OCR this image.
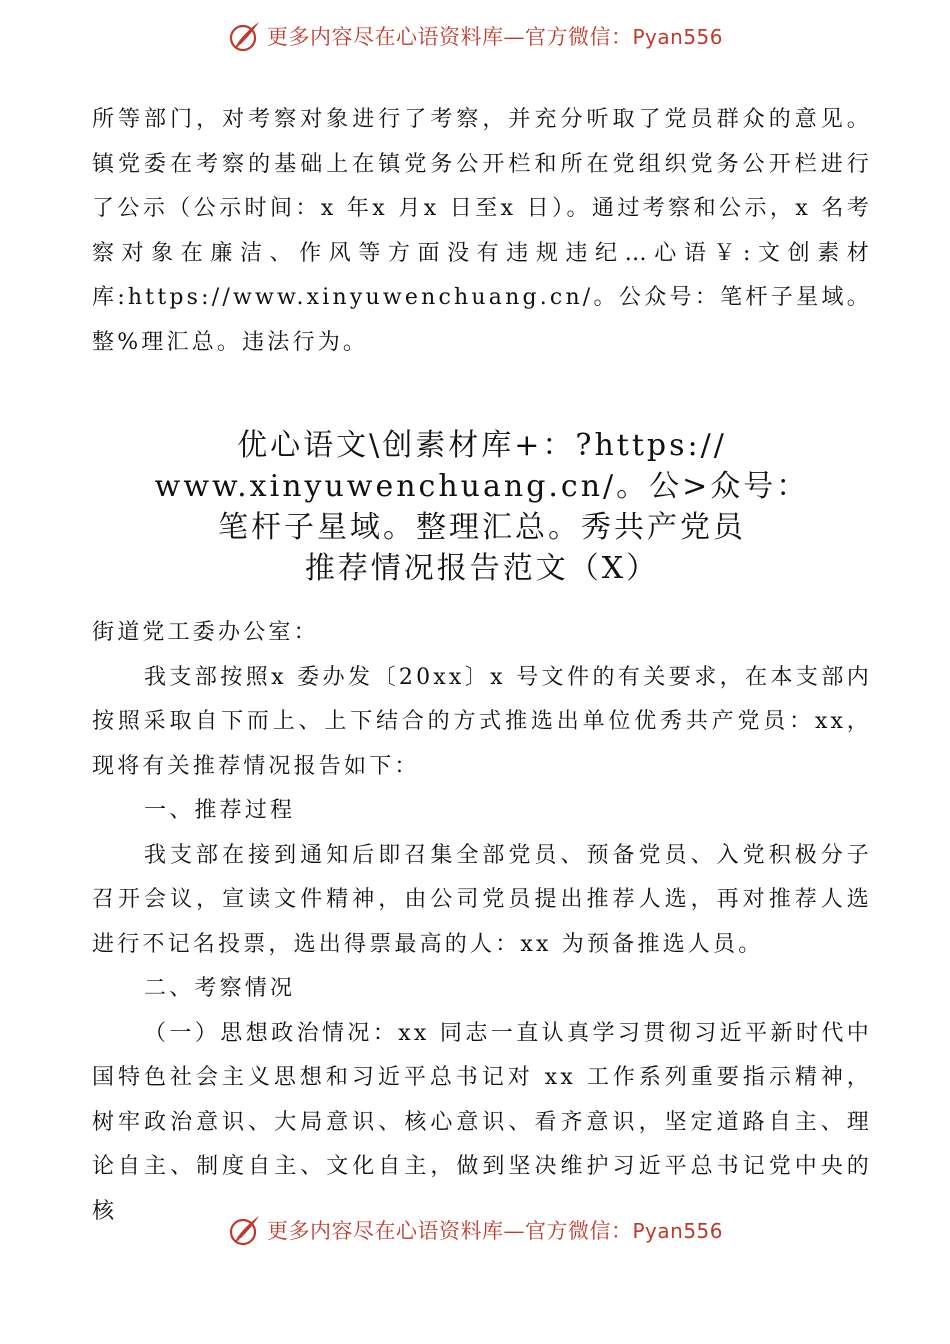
更多内容尽在心语资料库—官方微信：Pyan556

所等部门，对考察对象进行了考察，并充分听取了党员群众的意见。镇党委在考察的基础上在镇党务公开栏和所在党组织党务公开栏进行了公示（公示时间：x 年x 月x 日至x 日）。通过考察和公示，x 名考察对象在廉洁、作风等方面没有违规违纪…心语￥:文创素材库:https://www.xinyuwenchuang.cn/。公众号：笔杆子星域。整%理汇总。违法行为。

优心语文\创素材库+：?https://
www.xinyuwenchuang.cn/。公>众号：
笔杆子星域。整理汇总。秀共产党员
推荐情况报告范文（X）

街道党工委办公室：

我支部按照x 委办发〔20xx〕x 号文件的有关要求，在本支部内按照采取自下而上、上下结合的方式推选出单位优秀共产党员：xx， 现将有关推荐情况报告如下：

一、推荐过程

我支部在接到通知后即召集全部党员、预备党员、入党积极分子召开会议，宣读文件精神，由公司党员提出推荐人选，再对推荐人选进行不记名投票，选出得票最高的人：xx 为预备推选人员。

二、考察情况

（一）思想政治情况：xx 同志一直认真学习贯彻习近平新时代中国特色社会主义思想和习近平总书记对 xx 工作系列重要指示精神，树牢政治意识、大局意识、核心意识、看齐意识，坚定道路自主、理论自主、制度自主、文化自主，做到坚决维护习近平总书记党中央的核

更多内容尽在心语资料库—官方微信：Pyan556
